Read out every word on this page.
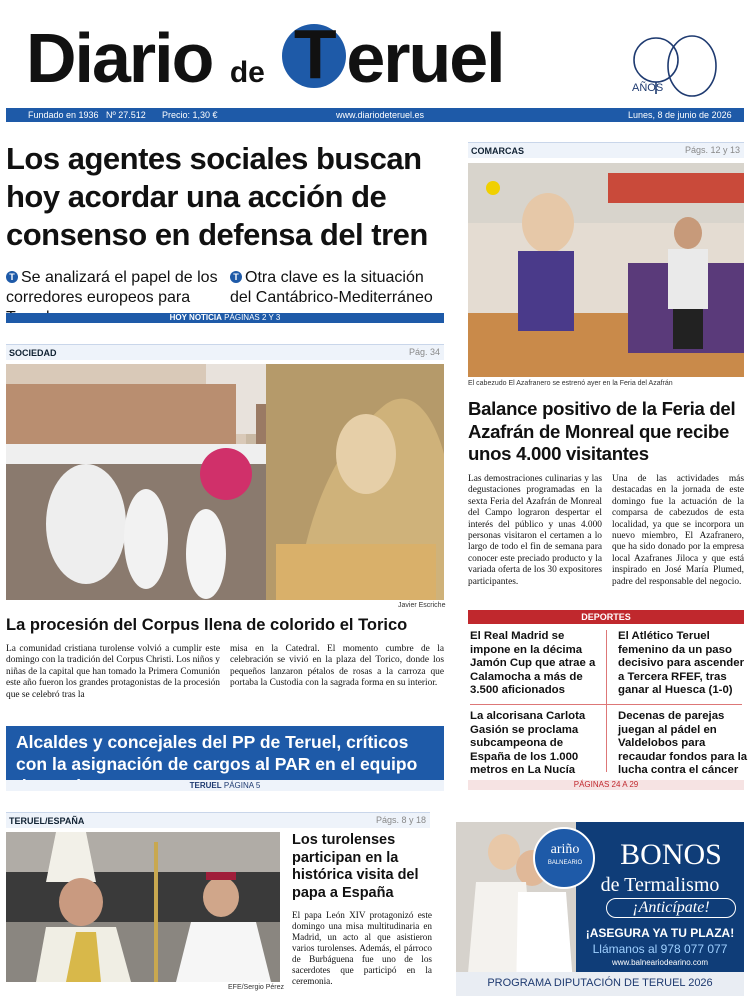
Diario de T eruel	AÑOS
Fundado en 1936 Nº 27.512 Precio: 1,30 €	www.diariodeteruel.es	Lunes, 8 de junio de 2026
Los agentes sociales buscan hoy acordar una acción de consenso en defensa del tren
T Se analizará el papel de los corredores europeos para
T Otra clave es la situación del Cantábrico-Mediterráneo
HOY NOTICIA PÁGINAS 2 Y 3
SOCIEDAD	Pág. 34
Javier Escriche
La procesión del Corpus llena de colorido el Torico
La comunidad cristiana turolense volvió a cumplir este domingo con la tradición del Corpus Christi. Los niños y niñas de la capital que han tomado la Primera Comunión este año fueron los grandes protagonistas de la procesión que se celebró tras la
misa en la Catedral. El momento cumbre de la celebración se vivió en la plaza del Torico, donde los pequeños lanzaron pétalos de rosas a la carroza que portaba la Custodia con la sagrada forma en su interior.
COMARCAS	Págs. 12 y 13
El cabezudo El Azafranero se estrenó ayer en la Feria del Azafrán
Balance positivo de la Feria del Azafrán de Monreal que recibe unos 4.000 visitantes
Las demostraciones culinarias y las degustaciones programadas en la sexta Feria del Azafrán de Monreal del Campo lograron despertar el interés del público y unas 4.000 personas visitaron el certamen a lo largo de todo el fin de semana para conocer este preciado producto y la variada oferta de los 30 expositores participantes.
Una de las actividades más destacadas en la jornada de este domingo fue la actuación de la comparsa de cabezudos de esta localidad, ya que se incorpora un nuevo miembro, El Azafranero, que ha sido donado por la empresa local Azafranes Jiloca y que está inspirado en José María Plumed, padre del responsable del negocio.
DEPORTES
El Real Madrid se impone en la décima Jamón Cup que atrae a Calamocha a más de 3.500 aficionados
El Atlético Teruel femenino da un paso decisivo para ascender a Tercera RFEF, tras ganar al Huesca (1-0)
La alcorisana Carlota Gasión se proclama subcampeona de España de los 1.000 metros en La Nucía
Decenas de parejas juegan al pádel en Valdelobos para recaudar fondos para la lucha contra el cáncer
PÁGINAS 24 A 29
Alcaldes y concejales del PP de Teruel, críticos con la asignación de cargos al PAR en el equipo
TERUEL PÁGINA 5
TERUEL/ESPAÑA	Págs. 8 y 18
EFE/Sergio Pérez
Los turolenses participan en la histórica visita del papa a España
El papa León XIV protagonizó este domingo una misa multitudinaria en Madrid, un acto al que asistieron varios turolenses. Además, el párroco de Burbáguena fue uno de los sacerdotes que participó en la ceremonia.
ariño
BALNEARIO	BONOS
de Termalismo
¡Anticípate!
¡ASEGURA YA TU PLAZA!
Llámanos al 978 077 077
www.balneariodearino.com
PROGRAMA DIPUTACIÓN DE TERUEL 2026
